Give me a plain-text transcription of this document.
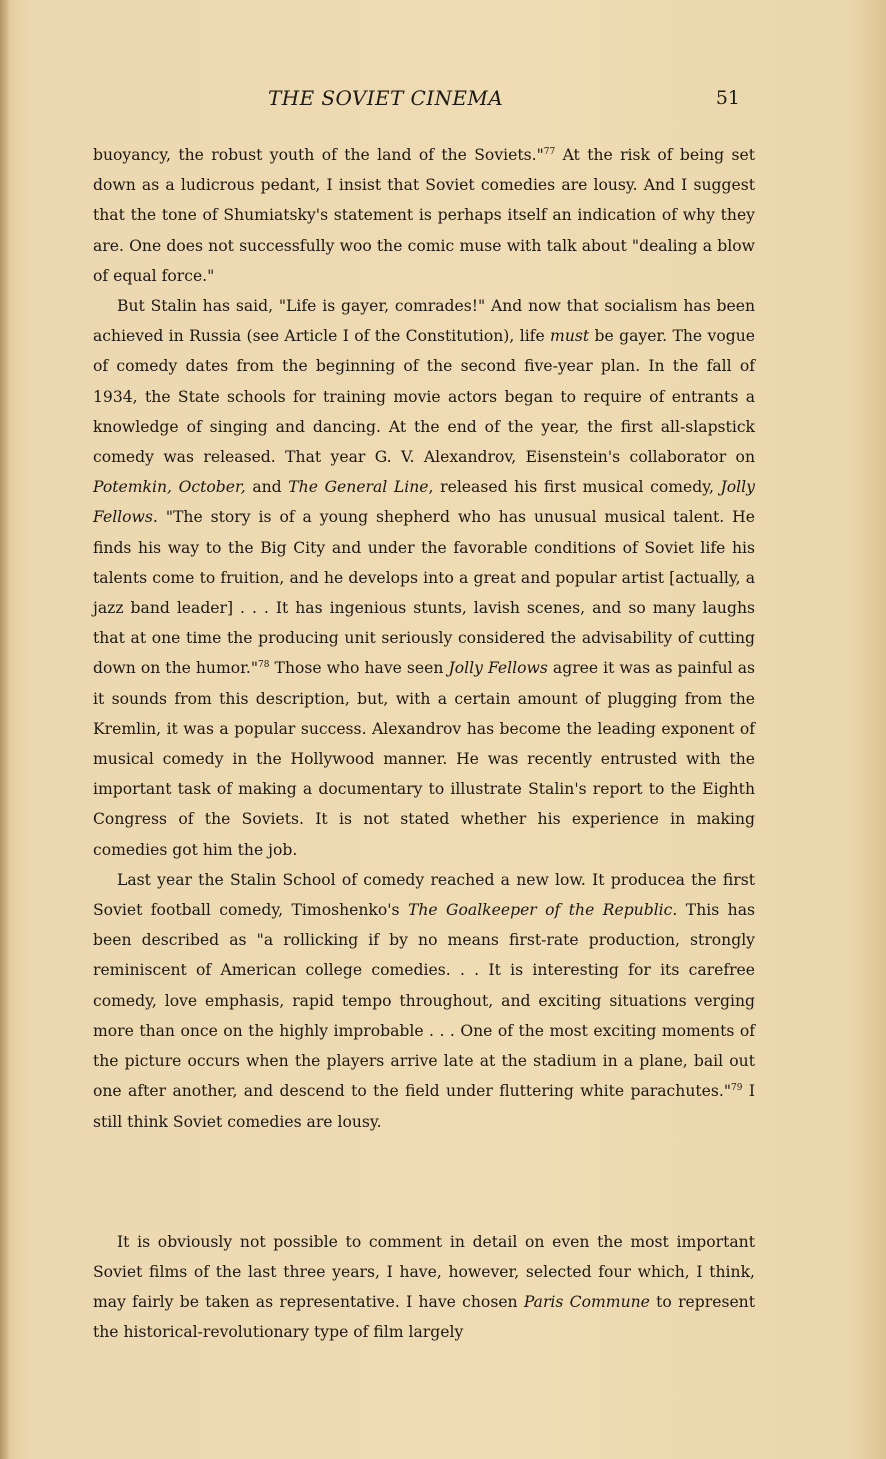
THE SOVIET CINEMA	51

buoyancy, the robust youth of the land of the Soviets."$^{77}$ At the risk of being set down as a ludicrous pedant, I insist that Soviet comedies are lousy. And I suggest that the tone of Shumiatsky's statement is perhaps itself an indication of why they are. One does not successfully woo the comic muse with talk about "dealing a blow of equal force."

But Stalin has said, "Life is gayer, comrades!" And now that socialism has been achieved in Russia (see Article I of the Constitution), life must be gayer. The vogue of comedy dates from the beginning of the second five-year plan. In the fall of 1934, the State schools for training movie actors began to require of entrants a knowledge of singing and dancing. At the end of the year, the first all-slapstick comedy was released. That year G. V. Alexandrov, Eisenstein's collaborator on Potemkin, October, and The General Line, released his first musical comedy, Jolly Fellows. "The story is of a young shepherd who has unusual musical talent. He finds his way to the Big City and under the favorable conditions of Soviet life his talents come to fruition, and he develops into a great and popular artist [actually, a jazz band leader] . . . It has ingenious stunts, lavish scenes, and so many laughs that at one time the producing unit seriously considered the advisability of cutting down on the humor."$^{78}$ Those who have seen Jolly Fellows agree it was as painful as it sounds from this description, but, with a certain amount of plugging from the Kremlin, it was a popular success. Alexandrov has become the leading exponent of musical comedy in the Hollywood manner. He was recently entrusted with the important task of making a documentary to illustrate Stalin's report to the Eighth Congress of the Soviets. It is not stated whether his experience in making comedies got him the job.

Last year the Stalin School of comedy reached a new low. It producea the first Soviet football comedy, Timoshenko's The Goalkeeper of the Republic. This has been described as "a rollicking if by no means first-rate production, strongly reminiscent of American college comedies. . . It is interesting for its carefree comedy, love emphasis, rapid tempo throughout, and exciting situations verging more than once on the highly improbable . . . One of the most exciting moments of the picture occurs when the players arrive late at the stadium in a plane, bail out one after another, and descend to the field under fluttering white parachutes."$^{79}$ I still think Soviet comedies are lousy.

It is obviously not possible to comment in detail on even the most important Soviet films of the last three years, I have, however, selected four which, I think, may fairly be taken as representative. I have chosen Paris Commune to represent the historical-revolutionary type of film largely
